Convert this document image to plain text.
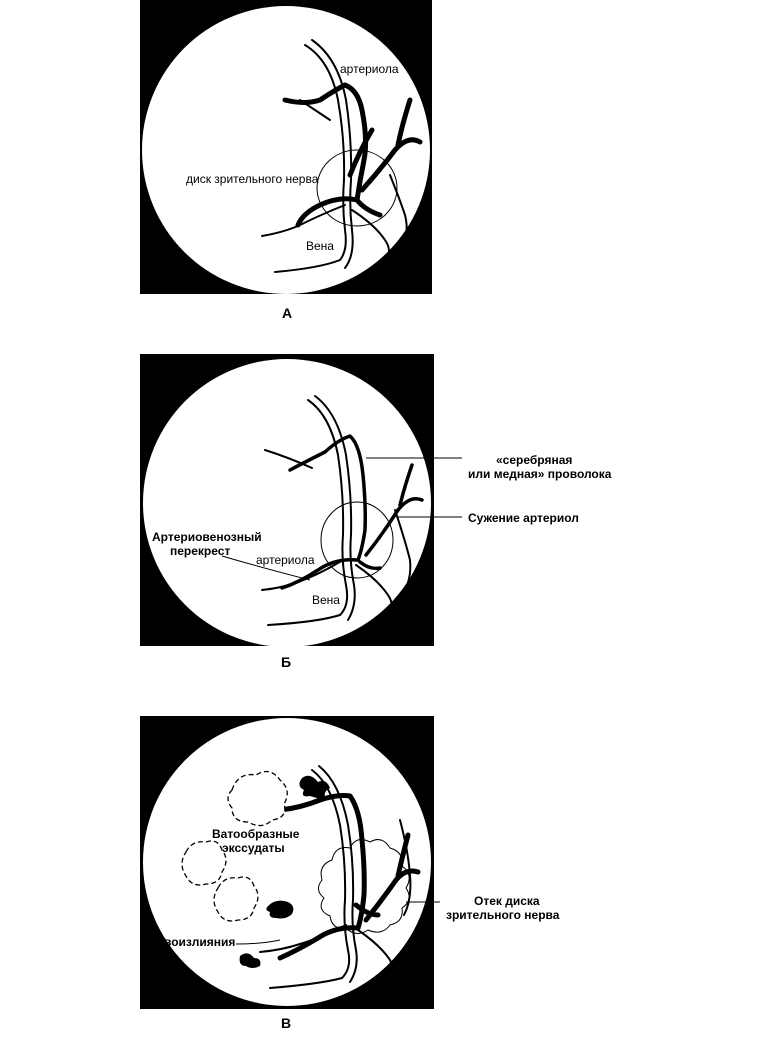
артериола
диск зрительного нерва
Вена
А
«серебряная
или медная» проволока
Сужение артериол
Артериовенозный
перекрест
артериола
Вена
Б
Ватообразные
экссудаты
Кровоизлияния
Отек диска
зрительного нерва
В
